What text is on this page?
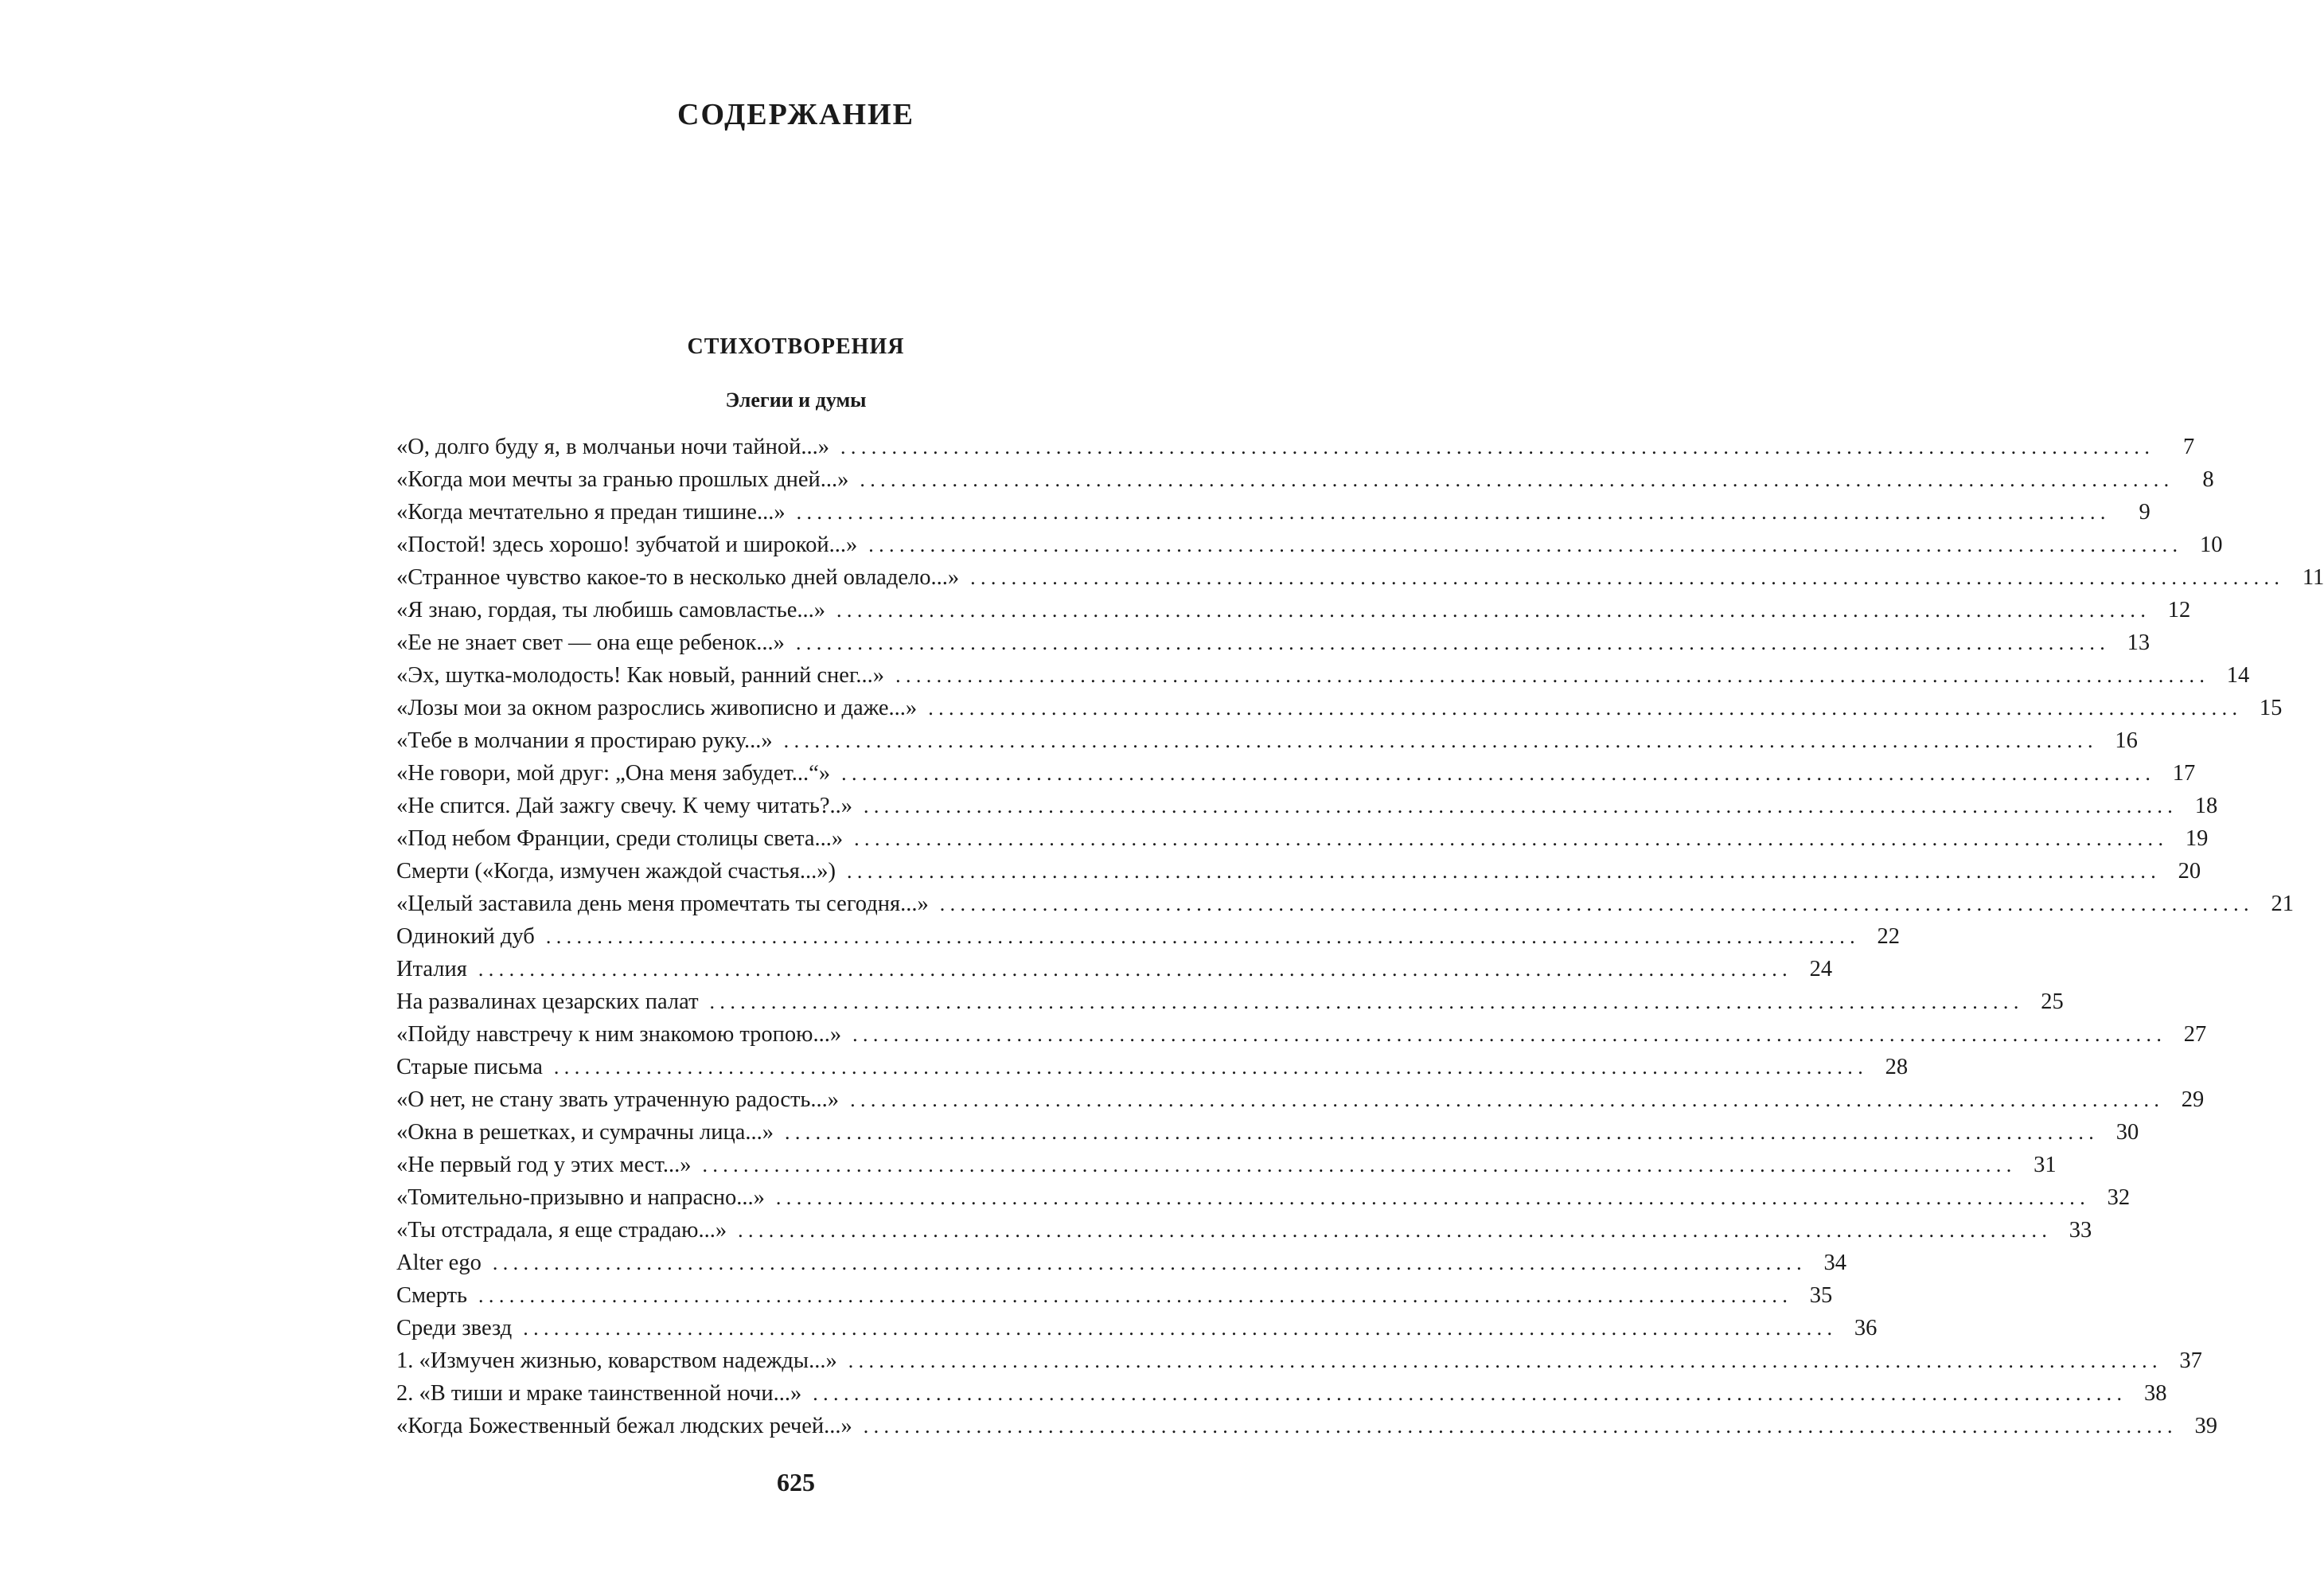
СОДЕРЖАНИЕ
СТИХОТВОРЕНИЯ
Элегии и думы
«О, долго буду я, в молчаньи ночи тайной...» ................................................................................................................................	7
«Когда мои мечты за гранью прошлых дней...» ................................................................................................................................	8
«Когда мечтательно я предан тишине...» ................................................................................................................................	9
«Постой! здесь хорошо! зубчатой и широкой...» ................................................................................................................................ 10
«Странное чувство какое-то в несколько дней овладело...» ................................................................................................................................ 11
«Я знаю, гордая, ты любишь самовластье...» ................................................................................................................................ 12
«Ее не знает свет — она еще ребенок...» ................................................................................................................................ 13
«Эх, шутка-молодость! Как новый, ранний снег...» ................................................................................................................................ 14
«Лозы мои за окном разрослись живописно и даже...» ................................................................................................................................ 15
«Тебе в молчании я простираю руку...» ................................................................................................................................ 16
«Не говори, мой друг: „Она меня забудет...“» ................................................................................................................................ 17
«Не спится. Дай зажгу свечу. К чему читать?..» ................................................................................................................................ 18
«Под небом Франции, среди столицы света...» ................................................................................................................................ 19
Смерти («Когда, измучен жаждой счастья...») ................................................................................................................................ 20
«Целый заставила день меня промечтать ты сегодня...» ................................................................................................................................ 21
Одинокий дуб ................................................................................................................................ 22
Италия ................................................................................................................................ 24
На развалинах цезарских палат ................................................................................................................................ 25
«Пойду навстречу к ним знакомою тропою...» ................................................................................................................................ 27
Старые письма ................................................................................................................................ 28
«О нет, не стану звать утраченную радость...» ................................................................................................................................ 29
«Окна в решетках, и сумрачны лица...» ................................................................................................................................ 30
«Не первый год у этих мест...» ................................................................................................................................ 31
«Томительно-призывно и напрасно...» ................................................................................................................................ 32
«Ты отстрадала, я еще страдаю...» ................................................................................................................................ 33
Alter ego ................................................................................................................................ 34
Смерть ................................................................................................................................ 35
Среди звезд ................................................................................................................................ 36
1. «Измучен жизнью, коварством надежды...» ................................................................................................................................ 37
2. «В тиши и мраке таинственной ночи...» ................................................................................................................................ 38
«Когда Божественный бежал людских речей...» ................................................................................................................................ 39
625
